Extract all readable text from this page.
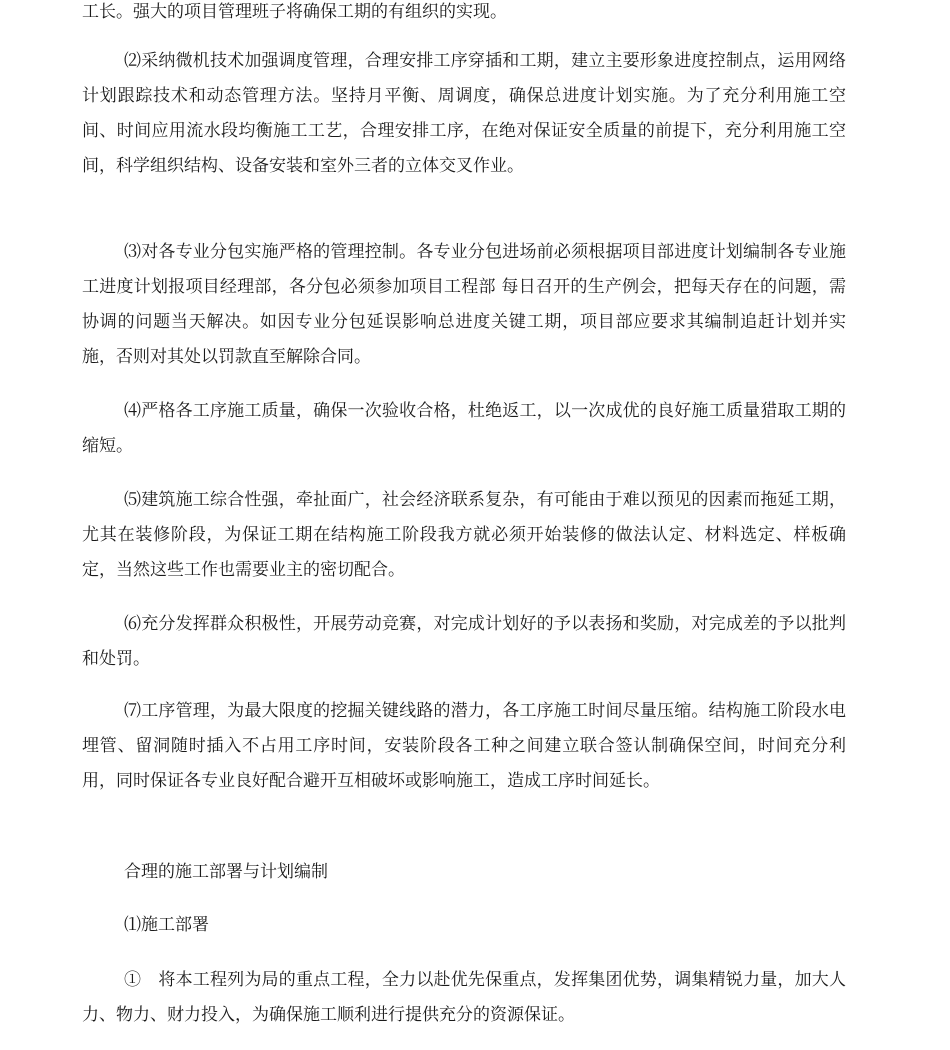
工长。强大的项目管理班子将确保工期的有组织的实现。

⑵采纳微机技术加强调度管理，合理安排工序穿插和工期，建立主要形象进度控制点，运用网络计划跟踪技术和动态管理方法。坚持月平衡、周调度，确保总进度计划实施。为了充分利用施工空间、时间应用流水段均衡施工工艺，合理安排工序，在绝对保证安全质量的前提下，充分利用施工空间，科学组织结构、设备安装和室外三者的立体交叉作业。

⑶对各专业分包实施严格的管理控制。各专业分包进场前必须根据项目部进度计划编制各专业施工进度计划报项目经理部，各分包必须参加项目工程部 每日召开的生产例会，把每天存在的问题，需协调的问题当天解决。如因专业分包延误影响总进度关键工期，项目部应要求其编制追赶计划并实施，否则对其处以罚款直至解除合同。

⑷严格各工序施工质量，确保一次验收合格，杜绝返工，以一次成优的良好施工质量猎取工期的缩短。

⑸建筑施工综合性强，牵扯面广，社会经济联系复杂，有可能由于难以预见的因素而拖延工期，尤其在装修阶段，为保证工期在结构施工阶段我方就必须开始装修的做法认定、材料选定、样板确定，当然这些工作也需要业主的密切配合。

⑹充分发挥群众积极性，开展劳动竞赛，对完成计划好的予以表扬和奖励，对完成差的予以批判和处罚。

⑺工序管理，为最大限度的挖掘关键线路的潜力，各工序施工时间尽量压缩。结构施工阶段水电埋管、留洞随时插入不占用工序时间，安装阶段各工种之间建立联合签认制确保空间，时间充分利用，同时保证各专业良好配合避开互相破坏或影响施工，造成工序时间延长。

合理的施工部署与计划编制

⑴施工部署

①　将本工程列为局的重点工程，全力以赴优先保重点，发挥集团优势，调集精锐力量，加大人力、物力、财力投入，为确保施工顺利进行提供充分的资源保证。
